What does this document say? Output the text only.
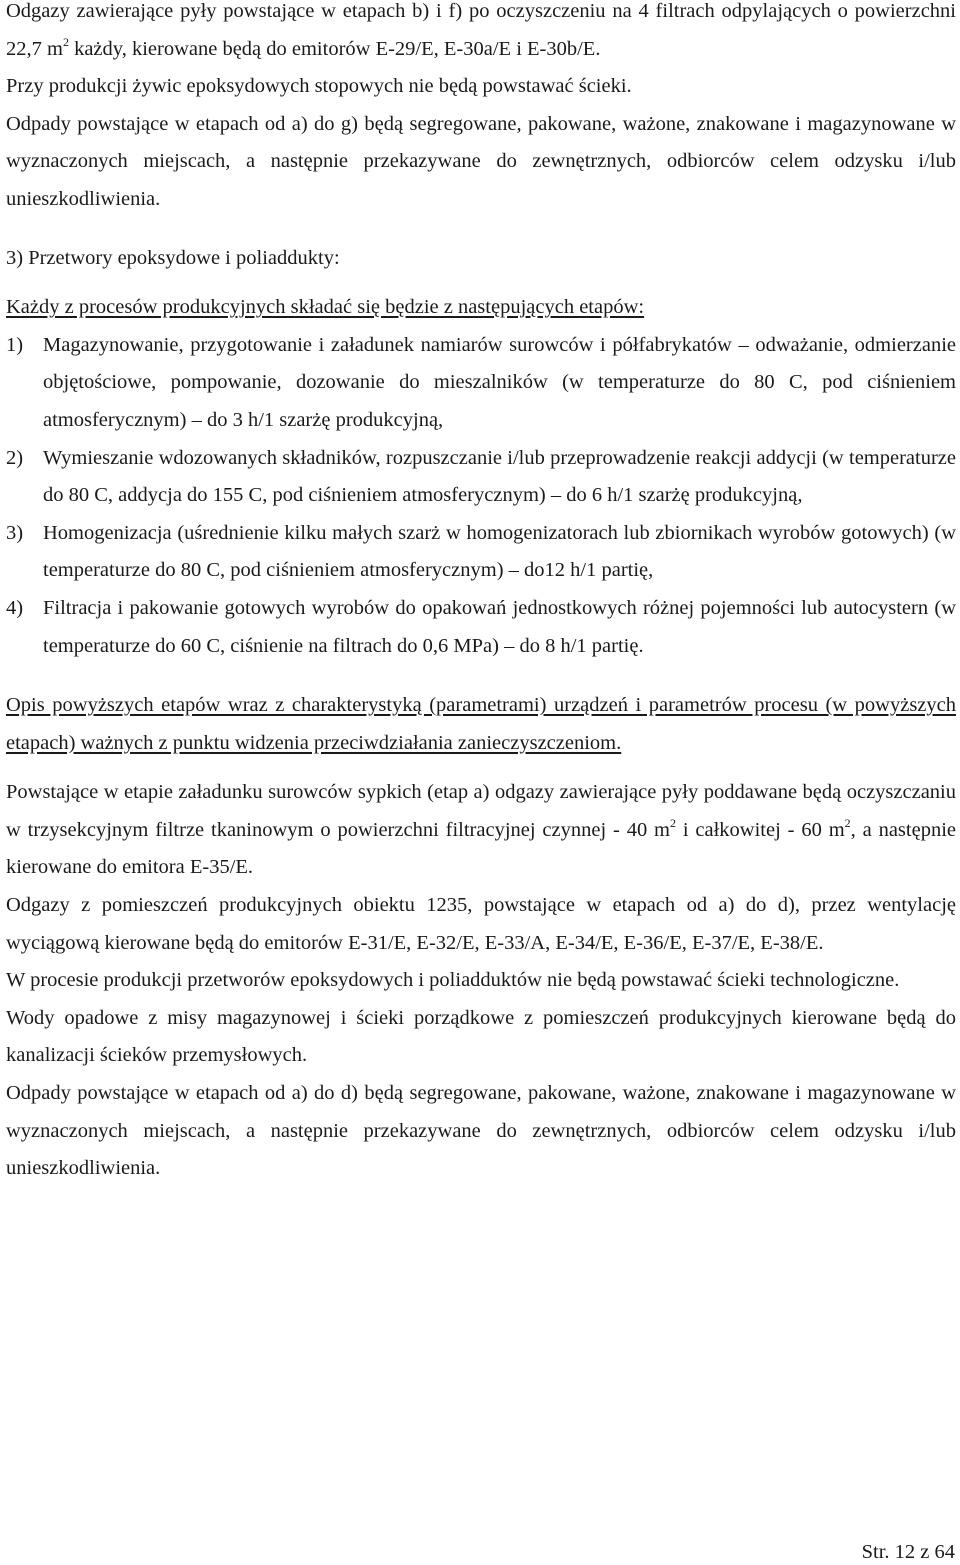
Odgazy zawierające pyły powstające w etapach b) i f) po oczyszczeniu na 4 filtrach odpylających o powierzchni 22,7 $m^2$ każdy, kierowane będą do emitorów E-29/E, E-30a/E i E-30b/E.

Przy produkcji żywic epoksydowych stopowych nie będą powstawać ścieki.

Odpady powstające w etapach od a) do g) będą segregowane, pakowane, ważone, znakowane i magazynowane w wyznaczonych miejscach, a następnie przekazywane do zewnętrznych, odbiorców celem odzysku i/lub unieszkodliwienia.

3) Przetwory epoksydowe i poliaddukty:

Każdy z procesów produkcyjnych składać się będzie z następujących etapów:

1) Magazynowanie, przygotowanie i załadunek namiarów surowców i półfabrykatów – odważanie, odmierzanie objętościowe, pompowanie, dozowanie do mieszalników (w temperaturze do 80 C, pod ciśnieniem atmosferycznym) – do 3 h/1 szarżę produkcyjną,
2) Wymieszanie wdozowanych składników, rozpuszczanie i/lub przeprowadzenie reakcji addycji (w temperaturze do 80 C, addycja do 155 C, pod ciśnieniem atmosferycznym) – do 6 h/1 szarżę produkcyjną,
3) Homogenizacja (uśrednienie kilku małych szarż w homogenizatorach lub zbiornikach wyrobów gotowych) (w temperaturze do 80 C, pod ciśnieniem atmosferycznym) – do12 h/1 partię,
4) Filtracja i pakowanie gotowych wyrobów do opakowań jednostkowych różnej pojemności lub autocystern (w temperaturze do 60 C, ciśnienie na filtrach do 0,6 MPa) – do 8 h/1 partię.

Opis powyższych etapów wraz z charakterystyką (parametrami) urządzeń i parametrów procesu (w powyższych etapach) ważnych z punktu widzenia przeciwdziałania zanieczyszczeniom.

Powstające w etapie załadunku surowców sypkich (etap a) odgazy zawierające pyły poddawane będą oczyszczaniu w trzysekcyjnym filtrze tkaninowym o powierzchni filtracyjnej czynnej - 40 $m^2$ i całkowitej - 60 $m^2$, a następnie kierowane do emitora E-35/E.

Odgazy z pomieszczeń produkcyjnych obiektu 1235, powstające w etapach od a) do d), przez wentylację wyciągową kierowane będą do emitorów E-31/E, E-32/E, E-33/A, E-34/E, E-36/E, E-37/E, E-38/E.

W procesie produkcji przetworów epoksydowych i poliadduktów nie będą powstawać ścieki technologiczne.

Wody opadowe z misy magazynowej i ścieki porządkowe z pomieszczeń produkcyjnych kierowane będą do kanalizacji ścieków przemysłowych.

Odpady powstające w etapach od a) do d) będą segregowane, pakowane, ważone, znakowane i magazynowane w wyznaczonych miejscach, a następnie przekazywane do zewnętrznych, odbiorców celem odzysku i/lub unieszkodliwienia.

Str. 12 z 64
